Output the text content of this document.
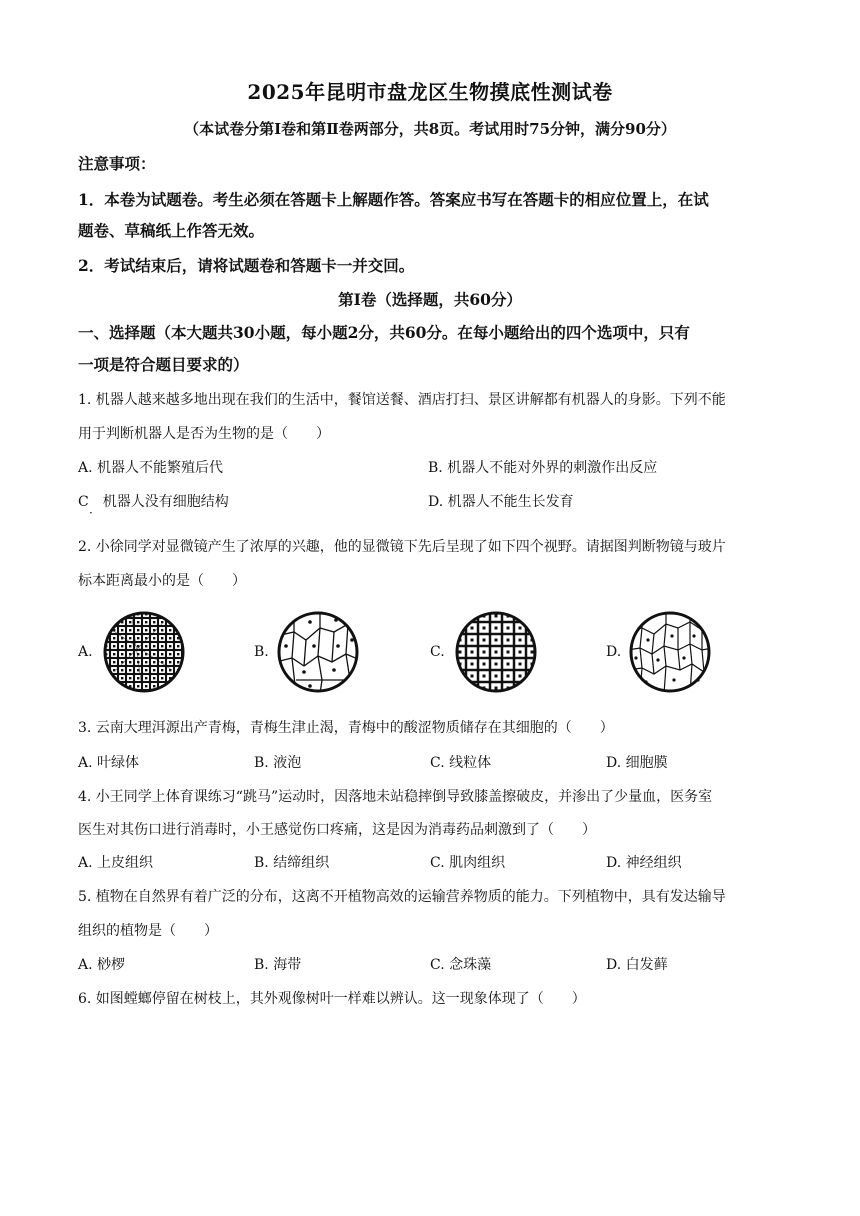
2025年昆明市盘龙区生物摸底性测试卷
（本试卷分第Ⅰ卷和第Ⅱ卷两部分，共8页。考试用时75分钟，满分90分）
注意事项：
1．本卷为试题卷。考生必须在答题卡上解题作答。答案应书写在答题卡的相应位置上，在试
题卷、草稿纸上作答无效。
2．考试结束后，请将试题卷和答题卡一并交回。
第Ⅰ卷（选择题，共60分）
一、选择题（本大题共30小题，每小题2分，共60分。在每小题给出的四个选项中，只有
一项是符合题目要求的）
1. 机器人越来越多地出现在我们的生活中，餐馆送餐、酒店打扫、景区讲解都有机器人的身影。下列不能
用于判断机器人是否为生物的是（　　）
A. 机器人不能繁殖后代	B. 机器人不能对外界的刺激作出反应
C　机器人没有细胞结构
·
D. 机器人不能生长发育
2. 小徐同学对显微镜产生了浓厚的兴趣，他的显微镜下先后呈现了如下四个视野。请据图判断物镜与玻片
标本距离最小的是（　　）
A.	B.	C.	D.
3. 云南大理洱源出产青梅，青梅生津止渴，青梅中的酸涩物质储存在其细胞的（　　）
A. 叶绿体	B. 液泡	C. 线粒体	D. 细胞膜
4. 小王同学上体育课练习“跳马”运动时，因落地未站稳摔倒导致膝盖擦破皮，并渗出了少量血，医务室
医生对其伤口进行消毒时，小王感觉伤口疼痛，这是因为消毒药品刺激到了（　　）
A. 上皮组织	B. 结缔组织	C. 肌肉组织	D. 神经组织
5. 植物在自然界有着广泛的分布，这离不开植物高效的运输营养物质的能力。下列植物中，具有发达输导
组织的植物是（　　）
A. 桫椤	B. 海带	C. 念珠藻	D. 白发藓
6. 如图螳螂停留在树枝上，其外观像树叶一样难以辨认。这一现象体现了（　　）
